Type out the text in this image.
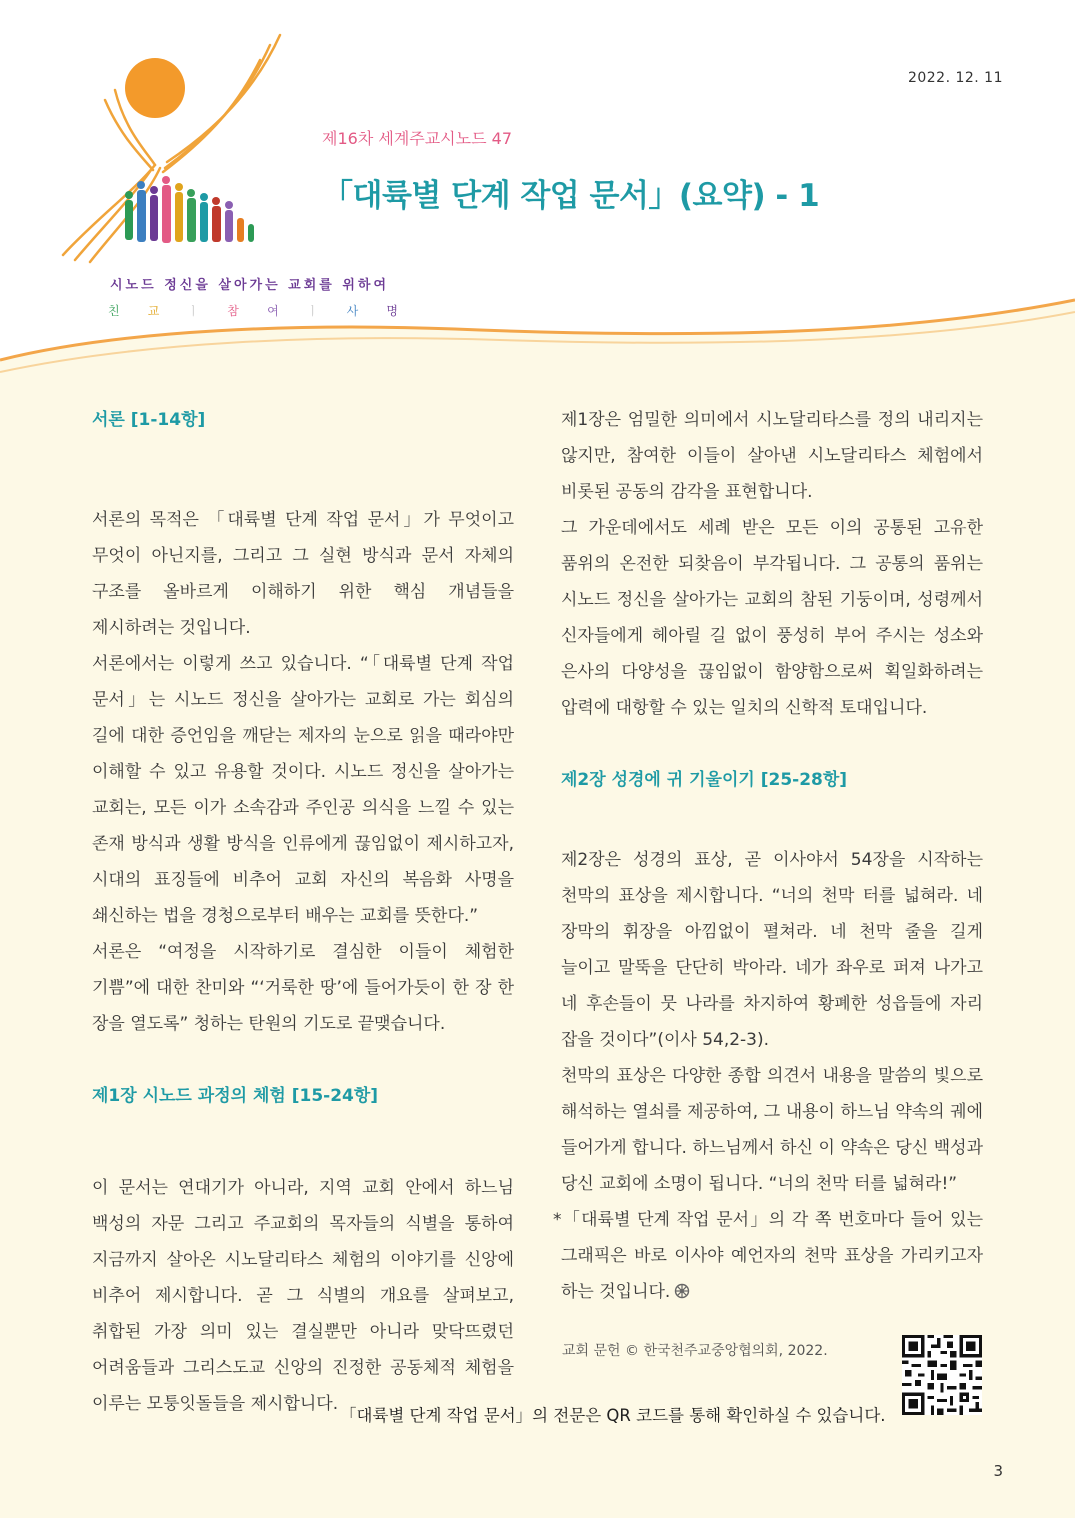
2022. 12. 11
제16차 세계주교시노드 47
「대륙별 단계 작업 문서」(요약) - 1
시노드 정신을 살아가는 교회를 위하여
친 교 ㅣ 참 여 ㅣ 사 명
서론 [1-14항]

서론의 목적은 「대륙별 단계 작업 문서」가 무엇이고 무엇이 아닌지를, 그리고 그 실현 방식과 문서 자체의 구조를 올바르게 이해하기 위한 핵심 개념들을 제시하려는 것입니다.

서론에서는 이렇게 쓰고 있습니다. “「대륙별 단계 작업 문서」는 시노드 정신을 살아가는 교회로 가는 회심의 길에 대한 증언임을 깨닫는 제자의 눈으로 읽을 때라야만 이해할 수 있고 유용할 것이다. 시노드 정신을 살아가는 교회는, 모든 이가 소속감과 주인공 의식을 느낄 수 있는 존재 방식과 생활 방식을 인류에게 끊임없이 제시하고자, 시대의 표징들에 비추어 교회 자신의 복음화 사명을 쇄신하는 법을 경청으로부터 배우는 교회를 뜻한다.”

서론은 “여정을 시작하기로 결심한 이들이 체험한 기쁨”에 대한 찬미와 “‘거룩한 땅’에 들어가듯이 한 장 한 장을 열도록” 청하는 탄원의 기도로 끝맺습니다.

제1장 시노드 과정의 체험 [15-24항]

이 문서는 연대기가 아니라, 지역 교회 안에서 하느님 백성의 자문 그리고 주교회의 목자들의 식별을 통하여 지금까지 살아온 시노달리타스 체험의 이야기를 신앙에 비추어 제시합니다. 곧 그 식별의 개요를 살펴보고, 취합된 가장 의미 있는 결실뿐만 아니라 맞닥뜨렸던 어려움들과 그리스도교 신앙의 진정한 공동체적 체험을 이루는 모퉁잇돌들을 제시합니다.

제1장은 엄밀한 의미에서 시노달리타스를 정의 내리지는 않지만, 참여한 이들이 살아낸 시노달리타스 체험에서 비롯된 공동의 감각을 표현합니다.

그 가운데에서도 세례 받은 모든 이의 공통된 고유한 품위의 온전한 되찾음이 부각됩니다. 그 공통의 품위는 시노드 정신을 살아가는 교회의 참된 기둥이며, 성령께서 신자들에게 헤아릴 길 없이 풍성히 부어 주시는 성소와 은사의 다양성을 끊임없이 함양함으로써 획일화하려는 압력에 대항할 수 있는 일치의 신학적 토대입니다.

제2장 성경에 귀 기울이기 [25-28항]

제2장은 성경의 표상, 곧 이사야서 54장을 시작하는 천막의 표상을 제시합니다. “너의 천막 터를 넓혀라. 네 장막의 휘장을 아낌없이 펼쳐라. 네 천막 줄을 길게 늘이고 말뚝을 단단히 박아라. 네가 좌우로 퍼져 나가고 네 후손들이 뭇 나라를 차지하여 황폐한 성읍들에 자리 잡을 것이다”(이사 54,2-3).

천막의 표상은 다양한 종합 의견서 내용을 말씀의 빛으로 해석하는 열쇠를 제공하여, 그 내용이 하느님 약속의 궤에 들어가게 합니다. 하느님께서 하신 이 약속은 당신 백성과 당신 교회에 소명이 됩니다. “너의 천막 터를 넓혀라!”

*「대륙별 단계 작업 문서」의 각 쪽 번호마다 들어 있는 그래픽은 바로 이사야 예언자의 천막 표상을 가리키고자 하는 것입니다.

교회 문헌 © 한국천주교중앙협의회, 2022.
「대륙별 단계 작업 문서」의 전문은 QR 코드를 통해 확인하실 수 있습니다.
3
